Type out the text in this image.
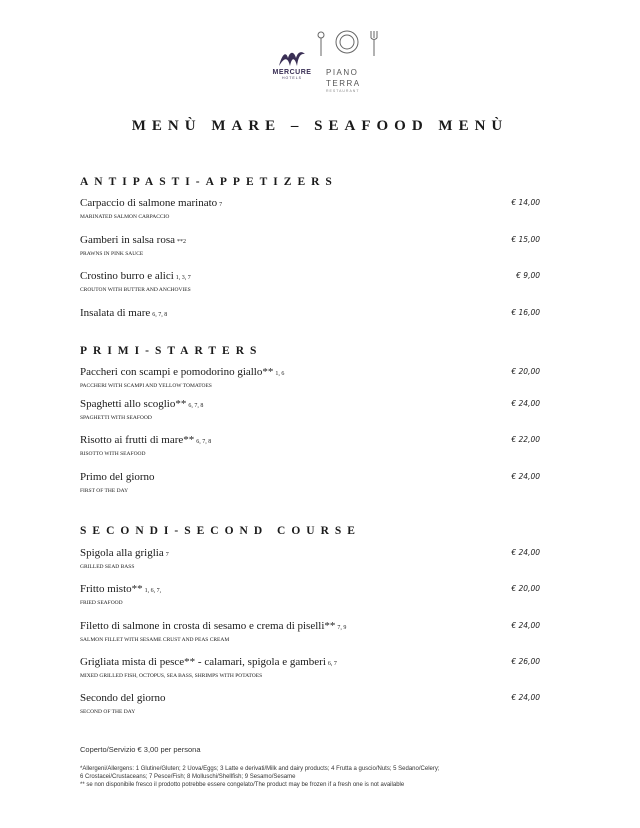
MERCURE
HOTELS
PIANO
TERRA
RESTAURANT
MENÙ MARE – SEAFOOD MENÙ
ANTIPASTI-APPETIZERS
Carpaccio di salmone marinato 7
MARINATED SALMON CARPACCIO
€ 14,00
Gamberi in salsa rosa **2
PRAWNS IN PINK SAUCE
€ 15,00
Crostino burro e alici 1, 3, 7
CROUTON WITH BUTTER AND ANCHOVIES
€ 9,00
Insalata di mare 6, 7, 8	€ 16,00
PRIMI-STARTERS
Paccheri con scampi e pomodorino giallo** 1, 6
PACCHERI WITH SCAMPI AND YELLOW TOMATOES
€ 20,00
Spaghetti allo scoglio** 6, 7, 8
SPAGHETTI WITH SEAFOOD
€ 24,00
Risotto ai frutti di mare** 6, 7, 8
RISOTTO WITH SEAFOOD
€ 22,00
Primo del giorno
FIRST OF THE DAY
€ 24,00
SECONDI-SECOND COURSE
Spigola alla griglia 7
GRILLED SEAD BASS
€ 24,00
Fritto misto** 1, 6, 7,
FRIED SEAFOOD
€ 20,00
Filetto di salmone in crosta di sesamo e crema di piselli** 7, 9
SALMON FILLET WITH SESAME CRUST AND PEAS CREAM
€ 24,00
Grigliata mista di pesce** - calamari, spigola e gamberi 6, 7
MIXED GRILLED FISH, OCTOPUS, SEA BASS, SHRIMPS WITH POTATOES
€ 26,00
Secondo del giorno
SECOND OF THE DAY
€ 24,00
Coperto/Servizio € 3,00 per persona
*Allergeni/Allergens: 1 Glutine/Gluten; 2 Uova/Eggs; 3 Latte e derivati/Milk and dairy products; 4 Frutta a guscio/Nuts; 5 Sedano/Celery;
6 Crostacei/Crustaceans; 7 Pesce/Fish; 8 Molluschi/Shellfish; 9 Sesamo/Sesame
** se non disponibile fresco il prodotto potrebbe essere congelato/The product may be frozen if a fresh one is not available
